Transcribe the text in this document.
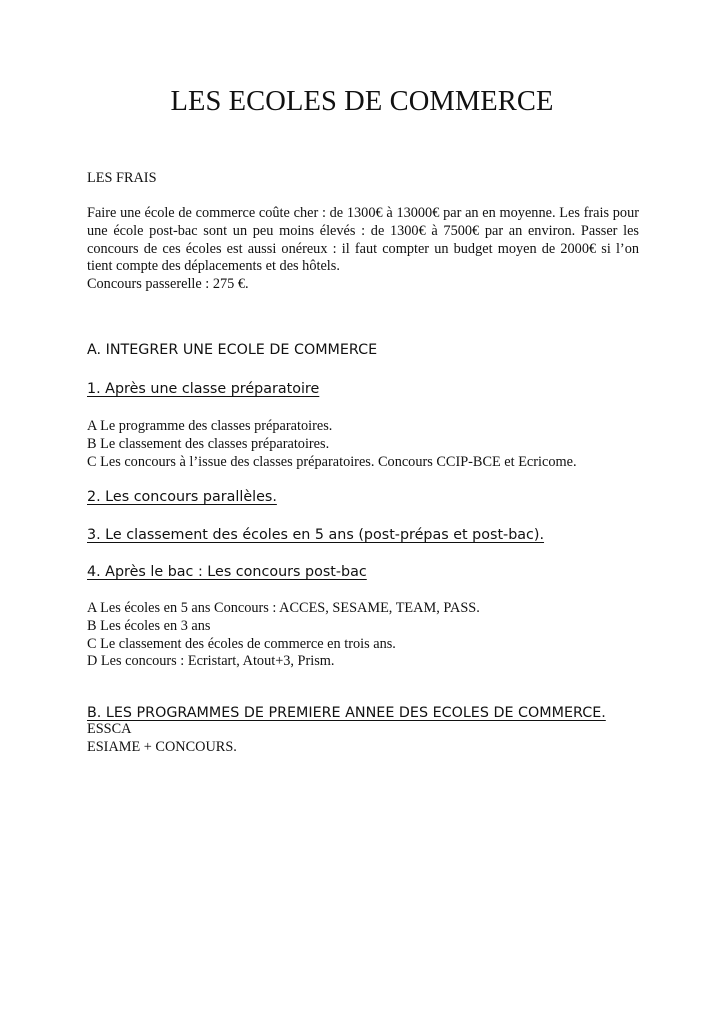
LES ECOLES DE COMMERCE

LES FRAIS

Faire une école de commerce coûte cher : de 1300€ à 13000€ par an en moyenne. Les frais pour une école post-bac sont un peu moins élevés : de 1300€ à 7500€ par an environ. Passer les concours de ces écoles est aussi onéreux : il faut compter un budget moyen de 2000€ si l’on tient compte des déplacements et des hôtels.

Concours passerelle : 275 €.

A. INTEGRER UNE ECOLE DE COMMERCE

1. Après une classe préparatoire

A Le programme des classes préparatoires.
B Le classement des classes préparatoires.
C Les concours à l’issue des classes préparatoires. Concours CCIP-BCE et Ecricome.

2. Les concours parallèles.

3. Le classement des écoles en 5 ans (post-prépas et post-bac).

4. Après le bac : Les concours post-bac

A Les écoles en 5 ans Concours : ACCES, SESAME, TEAM, PASS.
B Les écoles en 3 ans
C Le classement des écoles de commerce en trois ans.
D Les concours : Ecristart, Atout+3, Prism.

B. LES PROGRAMMES DE PREMIERE ANNEE DES ECOLES DE COMMERCE.

ESSCA
ESIAME + CONCOURS.
